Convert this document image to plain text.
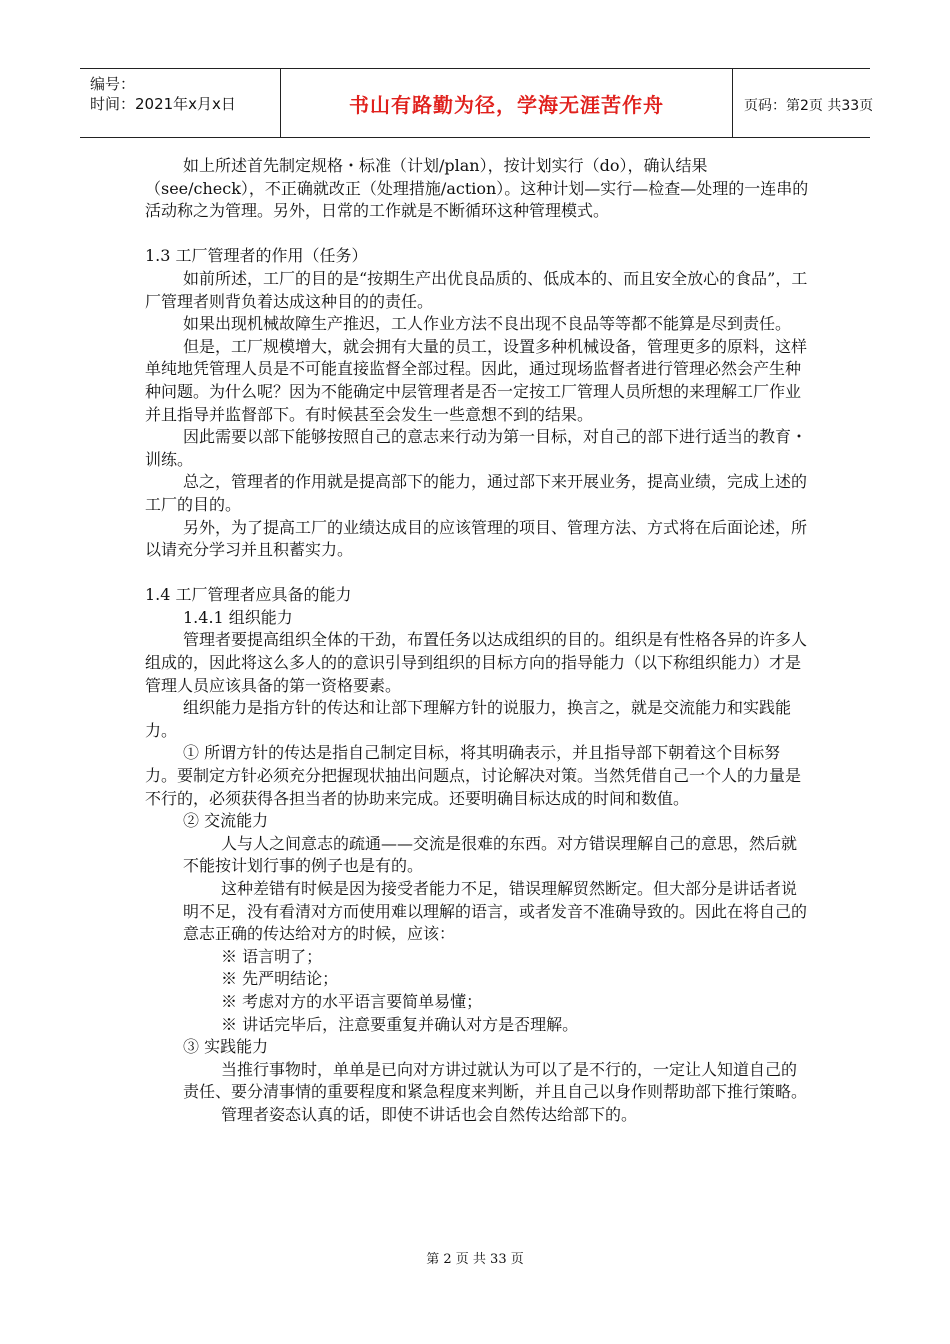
编号：
时间：2021年x月x日	书山有路勤为径，学海无涯苦作舟	页码：第2页 共33页

如上所述首先制定规格・标准（计划/plan），按计划实行（do），确认结果（see/check），不正确就改正（处理措施/action）。这种计划—实行—检查—处理的一连串的活动称之为管理。另外，日常的工作就是不断循环这种管理模式。

1.3 工厂管理者的作用（任务）

如前所述，工厂的目的是“按期生产出优良品质的、低成本的、而且安全放心的食品”，工厂管理者则背负着达成这种目的的责任。

如果出现机械故障生产推迟，工人作业方法不良出现不良品等等都不能算是尽到责任。

但是，工厂规模增大，就会拥有大量的员工，设置多种机械设备，管理更多的原料，这样单纯地凭管理人员是不可能直接监督全部过程。因此，通过现场监督者进行管理必然会产生种种问题。为什么呢？因为不能确定中层管理者是否一定按工厂管理人员所想的来理解工厂作业并且指导并监督部下。有时候甚至会发生一些意想不到的结果。

因此需要以部下能够按照自己的意志来行动为第一目标，对自己的部下进行适当的教育・训练。

总之，管理者的作用就是提高部下的能力，通过部下来开展业务，提高业绩，完成上述的工厂的目的。

另外，为了提高工厂的业绩达成目的应该管理的项目、管理方法、方式将在后面论述，所以请充分学习并且积蓄实力。

1.4 工厂管理者应具备的能力

1.4.1 组织能力

管理者要提高组织全体的干劲，布置任务以达成组织的目的。组织是有性格各异的许多人组成的，因此将这么多人的的意识引导到组织的目标方向的指导能力（以下称组织能力）才是管理人员应该具备的第一资格要素。

组织能力是指方针的传达和让部下理解方针的说服力，换言之，就是交流能力和实践能力。

① 所谓方针的传达是指自己制定目标，将其明确表示，并且指导部下朝着这个目标努力。要制定方针必须充分把握现状抽出问题点，讨论解决对策。当然凭借自己一个人的力量是不行的，必须获得各担当者的协助来完成。还要明确目标达成的时间和数值。

② 交流能力

人与人之间意志的疏通——交流是很难的东西。对方错误理解自己的意思，然后就不能按计划行事的例子也是有的。

这种差错有时候是因为接受者能力不足，错误理解贸然断定。但大部分是讲话者说明不足，没有看清对方而使用难以理解的语言，或者发音不准确导致的。因此在将自己的意志正确的传达给对方的时候，应该：

※ 语言明了；

※ 先严明结论；

※ 考虑对方的水平语言要简单易懂；

※ 讲话完毕后，注意要重复并确认对方是否理解。

③ 实践能力

当推行事物时，单单是已向对方讲过就认为可以了是不行的，一定让人知道自己的责任、要分清事情的重要程度和紧急程度来判断，并且自己以身作则帮助部下推行策略。

管理者姿态认真的话，即使不讲话也会自然传达给部下的。

第 2 页 共 33 页
